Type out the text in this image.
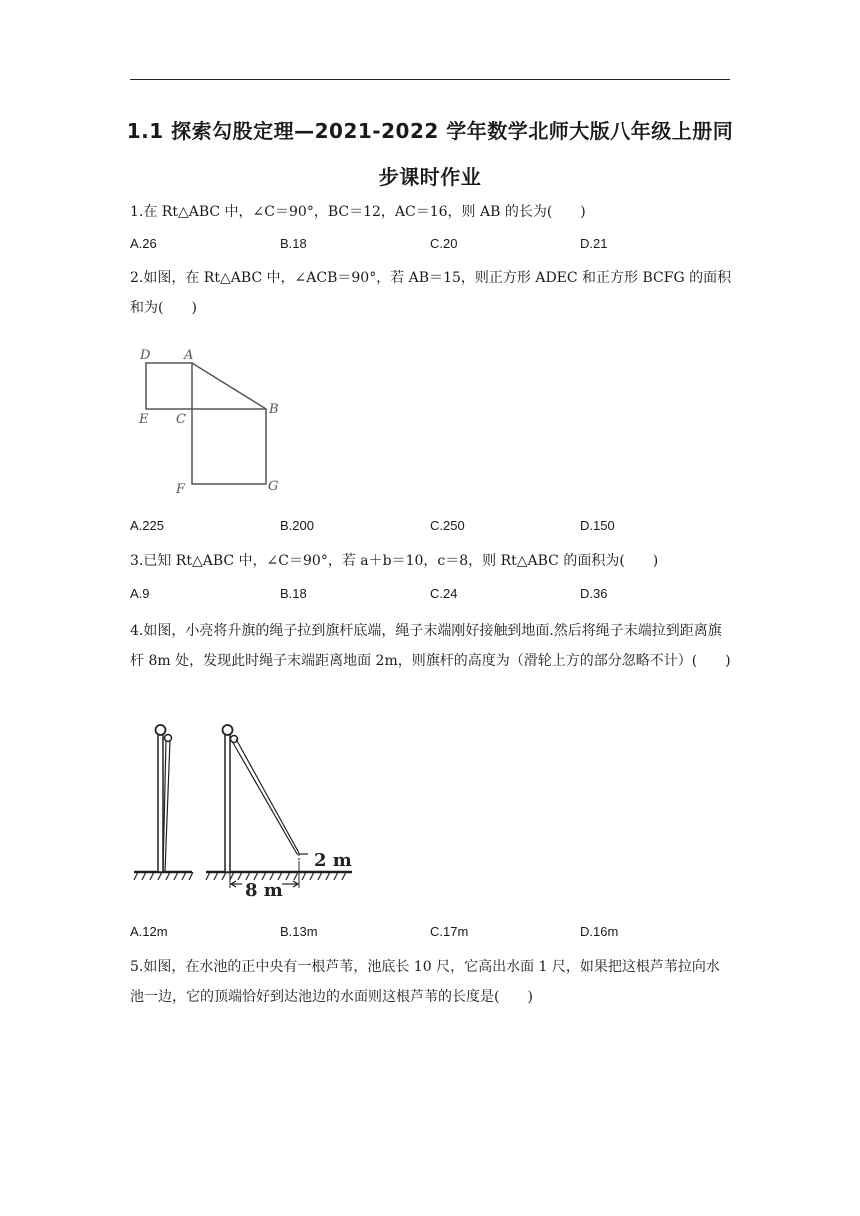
1.1 探索勾股定理—2021-2022 学年数学北师大版八年级上册同步课时作业
1.在 Rt△ABC 中，∠C＝90°，BC＝12，AC＝16，则 AB 的长为(　　)
A.26	B.18	C.20	D.21
2.如图，在 Rt△ABC 中，∠ACB＝90°，若 AB＝15，则正方形 ADEC 和正方形 BCFG 的面积和为(　　)
D	A
E C
B
F	G
A.225	B.200	C.250	D.150
3.已知 Rt△ABC 中，∠C＝90°，若 a＋b＝10，c＝8，则 Rt△ABC 的面积为(　　)
A.9	B.18	C.24	D.36
4.如图，小亮将升旗的绳子拉到旗杆底端，绳子末端刚好接触到地面.然后将绳子末端拉到距离旗杆 8m 处，发现此时绳子末端距离地面 2m，则旗杆的高度为（滑轮上方的部分忽略不计）(　　)
2 m
8 m
A.12m	B.13m	C.17m	D.16m
5.如图，在水池的正中央有一根芦苇，池底长 10 尺，它高出水面 1 尺，如果把这根芦苇拉向水池一边，它的顶端恰好到达池边的水面则这根芦苇的长度是(　　)
